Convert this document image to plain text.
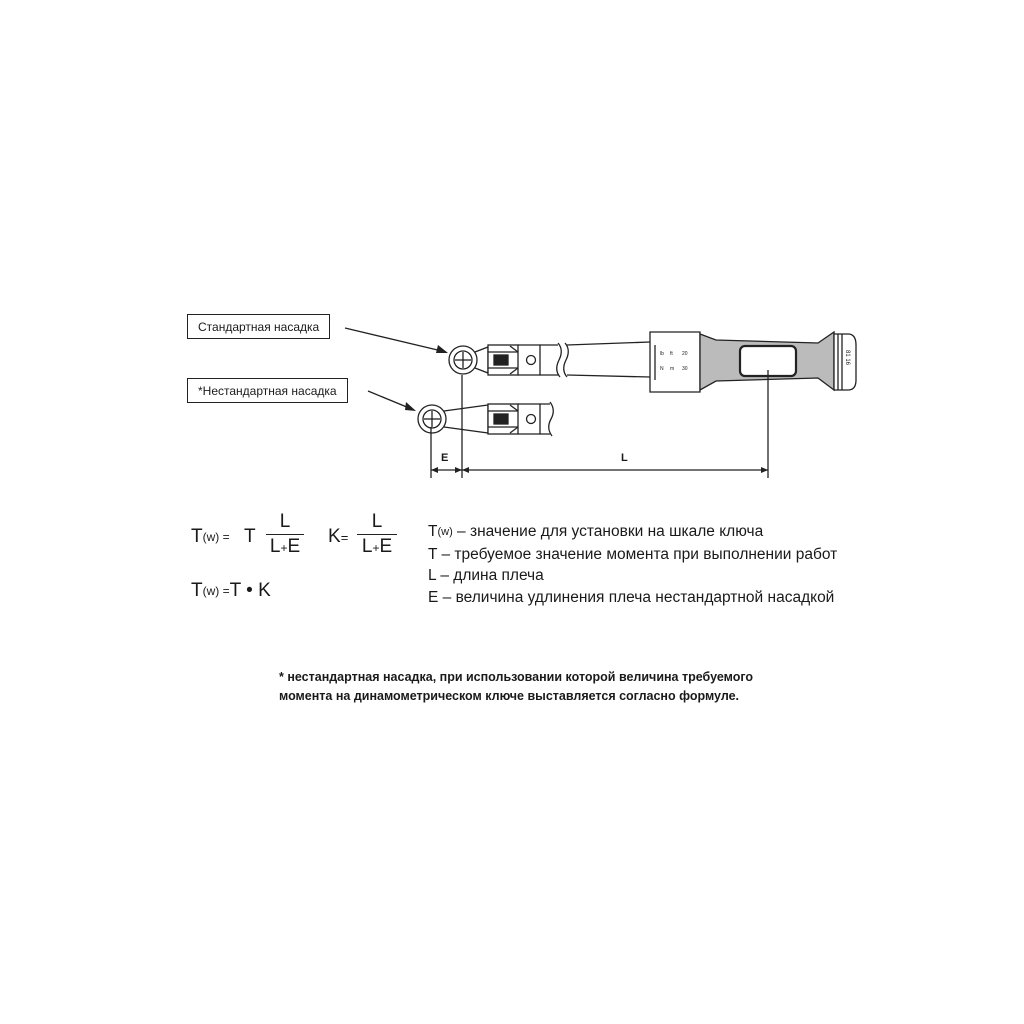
lb
N
ft
m
20
30
81 16
Стандартная насадка
*Нестандартная насадка
E	L
T(w) = T $\frac{L}{L+E} K= \frac{L}{L+E}$
T(w) =T • K
T(w) – значение для установки на шкале ключа
T – требуемое значение момента при выполнении работ
L – длина плеча
E – величина удлинения плеча нестандартной насадкой
* нестандартная насадка, при использовании которой величина требуемого момента на динамометрическом ключе выставляется согласно формуле.
